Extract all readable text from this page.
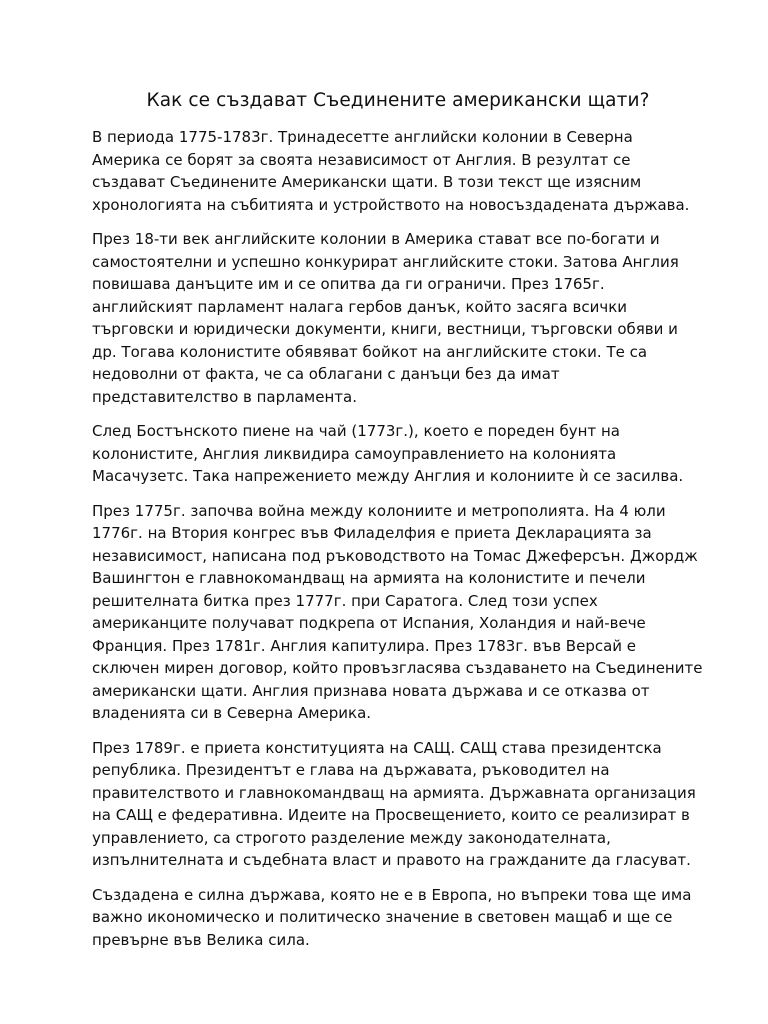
Как се създават Съединените американски щати?

В периода 1775-1783г. Тринадесетте английски колонии в Северна Америка се борят за своята независимост от Англия. В резултат се създават Съединените Американски щати. В този текст ще изясним хронологията на събитията и устройството на новосъздадената държава.

През 18-ти век английските колонии в Америка стават все по-богати и самостоятелни и успешно конкурират английските стоки. Затова Англия повишава данъците им и се опитва да ги ограничи. През 1765г. английският парламент налага гербов данък, който засяга всички търговски и юридически документи, книги, вестници, търговски обяви и др. Тогава колонистите обявяват бойкот на английските стоки. Те са недоволни от факта, че са облагани с данъци без да имат представителство в парламента.

След Бостънското пиене на чай (1773г.), което е пореден бунт на колонистите, Англия ликвидира самоуправлението на колонията Масачузетс. Така напрежението между Англия и колониите ѝ се засилва.

През 1775г. започва война между колониите и метрополията. На 4 юли 1776г. на Втория конгрес във Филаделфия е приета Декларацията за независимост, написана под ръководството на Томас Джеферсън. Джордж Вашингтон е главнокомандващ на армията на колонистите и печели решителната битка през 1777г. при Саратога. След този успех американците получават подкрепа от Испания, Холандия и най-вече Франция. През 1781г. Англия капитулира. През 1783г. във Версай е сключен мирен договор, който провъзгласява създаването на Съединените американски щати. Англия признава новата държава и се отказва от владенията си в Северна Америка.

През 1789г. е приета конституцията на САЩ. САЩ става президентска република. Президентът е глава на държавата, ръководител на правителството и главнокомандващ на армията. Държавната организация на САЩ е федеративна. Идеите на Просвещението, които се реализират в управлението, са строгото разделение между законодателната, изпълнителната и съдебната власт и правото на гражданите да гласуват.

Създадена е силна държава, която не е в Европа, но въпреки това ще има важно икономическо и политическо значение в световен мащаб и ще се превърне във Велика сила.
